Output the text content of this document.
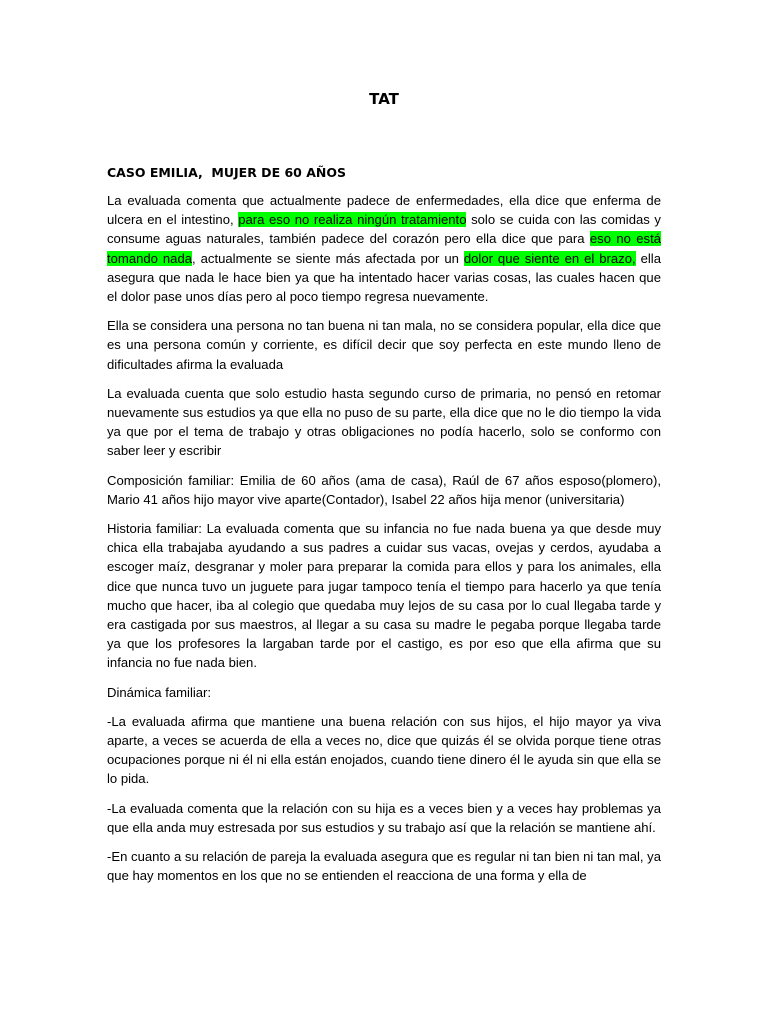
TAT
CASO EMILIA,  MUJER DE 60 AÑOS

La evaluada comenta que actualmente padece de enfermedades, ella dice que enferma de ulcera en el intestino, para eso no realiza ningún tratamiento solo se cuida con las comidas y consume aguas naturales, también padece del corazón pero ella dice que para eso no está tomando nada, actualmente se siente más afectada por un dolor que siente en el brazo, ella asegura que nada le hace bien ya que ha intentado hacer varias cosas, las cuales hacen que el dolor pase unos días pero al poco tiempo regresa nuevamente.

Ella se considera una persona no tan buena ni tan mala, no se considera popular, ella dice que es una persona común y corriente, es difícil decir que soy perfecta en este mundo lleno de dificultades afirma la evaluada

La evaluada cuenta que solo estudio hasta segundo curso de primaria, no pensó en retomar nuevamente sus estudios ya que ella no puso de su parte, ella dice que no le dio tiempo la vida ya que por el tema de trabajo y otras obligaciones no podía hacerlo, solo se conformo con saber leer y escribir

Composición familiar: Emilia de 60 años (ama de casa), Raúl de 67 años esposo(plomero), Mario 41 años hijo mayor vive aparte(Contador), Isabel 22 años hija menor (universitaria)

Historia familiar: La evaluada comenta que su infancia no fue nada buena ya que desde muy chica ella trabajaba ayudando a sus padres a cuidar sus vacas, ovejas y cerdos, ayudaba a escoger maíz, desgranar y moler para preparar la comida para ellos y para los animales, ella dice que nunca tuvo un juguete para jugar tampoco tenía el tiempo para hacerlo ya que tenía mucho que hacer, iba al colegio que quedaba muy lejos de su casa por lo cual llegaba tarde y era castigada por sus maestros, al llegar a su casa su madre le pegaba porque llegaba tarde ya que los profesores la largaban tarde por el castigo, es por eso que ella afirma que su infancia no fue nada bien.

Dinámica familiar:

-La evaluada afirma que mantiene una buena relación con sus hijos, el hijo mayor ya viva aparte, a veces se acuerda de ella a veces no, dice que quizás él se olvida porque tiene otras ocupaciones porque ni él ni ella están enojados, cuando tiene dinero él le ayuda sin que ella se lo pida.

-La evaluada comenta que la relación con su hija es a veces bien y a veces hay problemas ya que ella anda muy estresada por sus estudios y su trabajo así que la relación se mantiene ahí.

-En cuanto a su relación de pareja la evaluada asegura que es regular ni tan bien ni tan mal, ya que hay momentos en los que no se entienden el reacciona de una forma y ella de
